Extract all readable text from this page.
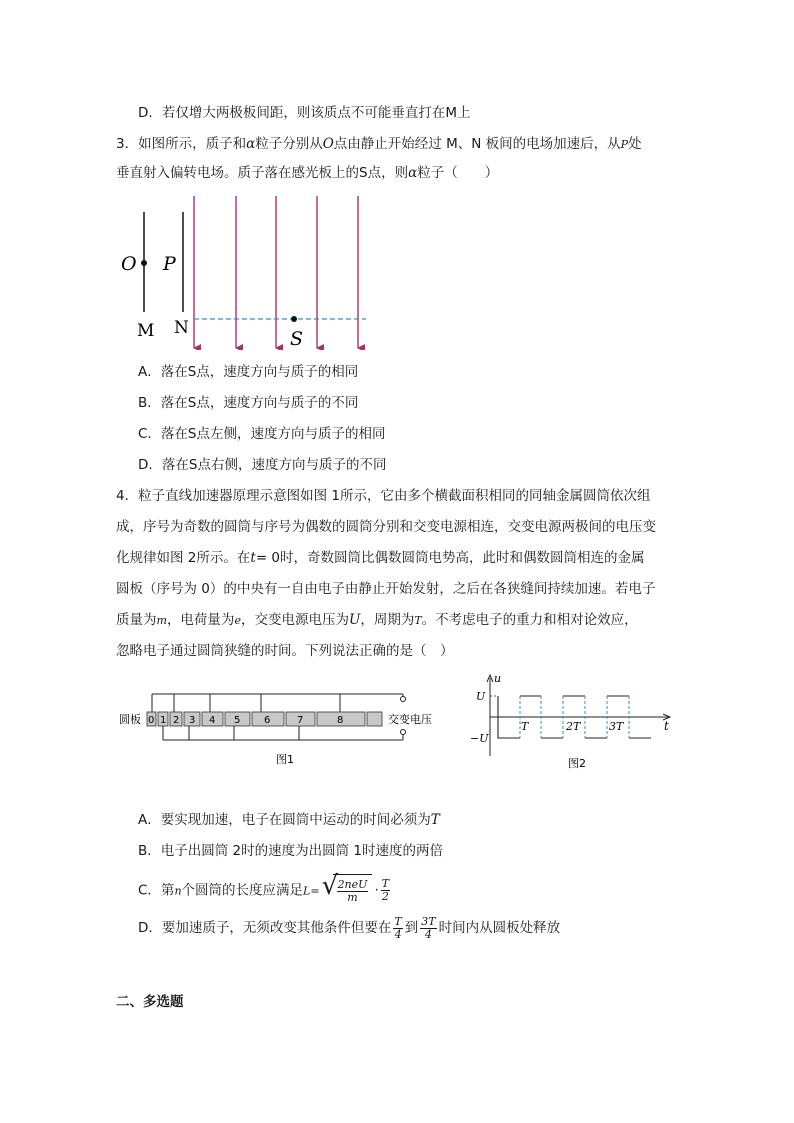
D．若仅增大两极板间距，则该质点不可能垂直打在M上
3．如图所示，质子和α粒子分别从O点由静止开始经过 M、N 板间的电场加速后，从P处
垂直射入偏转电场。质子落在感光板上的S点，则α粒子（　　）
O P
M N	S
A．落在S点，速度方向与质子的相同
B．落在S点，速度方向与质子的不同
C．落在S点左侧，速度方向与质子的相同
D．落在S点右侧，速度方向与质子的不同
4．粒子直线加速器原理示意图如图 1所示，它由多个横截面积相同的同轴金属圆筒依次组
成，序号为奇数的圆筒与序号为偶数的圆筒分别和交变电源相连，交变电源两极间的电压变
化规律如图 2所示。在t= 0时，奇数圆筒比偶数圆筒电势高，此时和偶数圆筒相连的金属
圆板（序号为 0）的中央有一自由电子由静止开始发射，之后在各狭缝间持续加速。若电子
质量为m，电荷量为e，交变电源电压为U，周期为T。不考虑电子的重力和相对论效应，
忽略电子通过圆筒狭缝的时间。下列说法正确的是（　）
圆板 0 1 2 3 4 5 6	7	8	交变电压
图1
u
t
U
−U
T	2T	3T
图2
A．要实现加速，电子在圆筒中运动的时间必须为T
B．电子出圆筒 2时的速度为出圆筒 1时速度的两倍
C．第n个圆筒的长度应满足L=
√ $\frac{\text{2neU}}{m} \cdot \frac{T}{2}$
D．要加速质子，无须改变其他条件但要在 $\frac{T}{4}$ 到 $\frac{3T}{4}$ 时间内从圆板处释放
二、多选题
